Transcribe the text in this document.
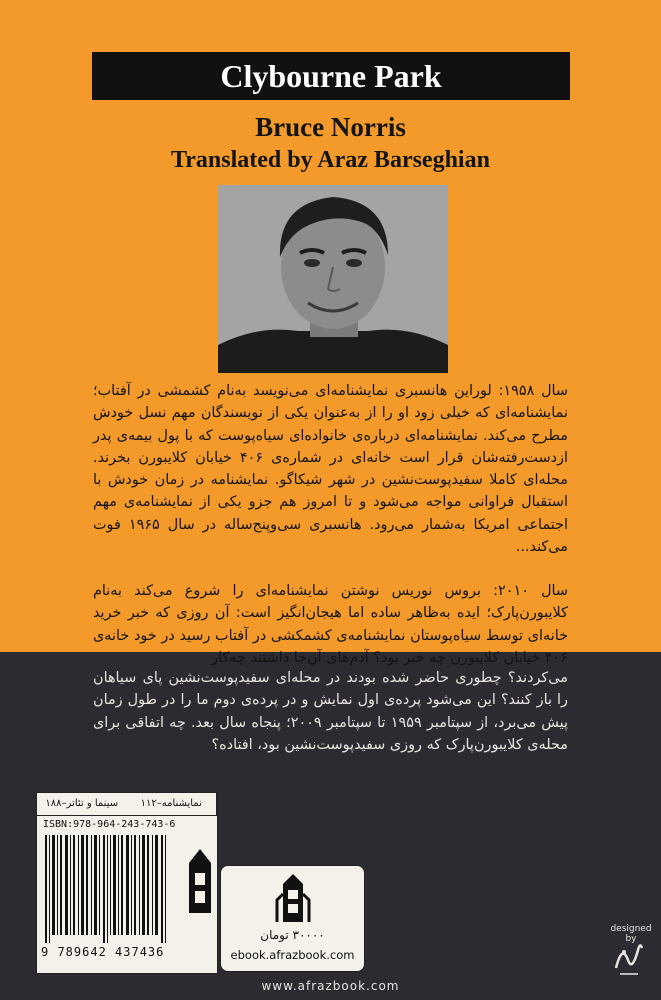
Clybourne Park
Bruce Norris
Translated by Araz Barseghian
سال ۱۹۵۸: لوراین هانسبری نمایشنامه‌ای می‌نویسد به‌نام کشمشی در آفتاب؛ نمایشنامه‌ای که خیلی زود او را از به‌عنوان یکی از نویسندگان مهم نسل خودش مطرح می‌کند. نمایشنامه‌ای درباره‌ی خانواده‌ای سیاه‌پوست که با پول بیمه‌ی پدر ازدست‌رفته‌شان قرار است خانه‌ای در شماره‌ی ۴۰۶ خیابان کلایبورن بخرند. محله‌ای کاملا سفیدپوست‌نشین در شهر شیکاگو. نمایشنامه در زمان خودش با استقبال فراوانی مواجه می‌شود و تا امروز هم جزو یکی از نمایشنامه‌ی مهم اجتماعی امریکا به‌شمار می‌رود. هانسبری سی‌وپنج‌ساله در سال ۱۹۶۵ فوت می‌کند...
سال ۲۰۱۰: بروس نوریس نوشتن نمایشنامه‌ای را شروع می‌کند به‌نام کلایبورن‌پارک؛ ایده به‌ظاهر ساده اما هیجان‌انگیز است: آن روزی که خبر خرید خانه‌ای توسط سیاه‌پوستان نمایشنامه‌ی کشمکشی در آفتاب رسید در خود خانه‌ی ۴۰۶ خیابان کلایبورن چه خبر بود؟ آدم‌های آن‌جا داشتند چه‌کار
می‌کردند؟ چطوری حاضر شده بودند در محله‌ای سفیدپوست‌نشین پای سیاهان را باز کنند؟ این می‌شود پرده‌ی اول نمایش و در پرده‌ی دوم ما را در طول زمان پیش می‌برد، از سپتامبر ۱۹۵۹ تا سپتامبر ۲۰۰۹؛ پنجاه سال بعد. چه اتفاقی برای محله‌ی کلایبورن‌پارک که روزی سفیدپوست‌نشین بود، افتاده؟
سینما و تئاتر–۱۸۸	نمایشنامه–۱۱۲
ISBN:978-964-243-743-6
9 789642 437436
۳۰۰۰۰ تومان
ebook.afrazbook.com
designed by
www.afrazbook.com
